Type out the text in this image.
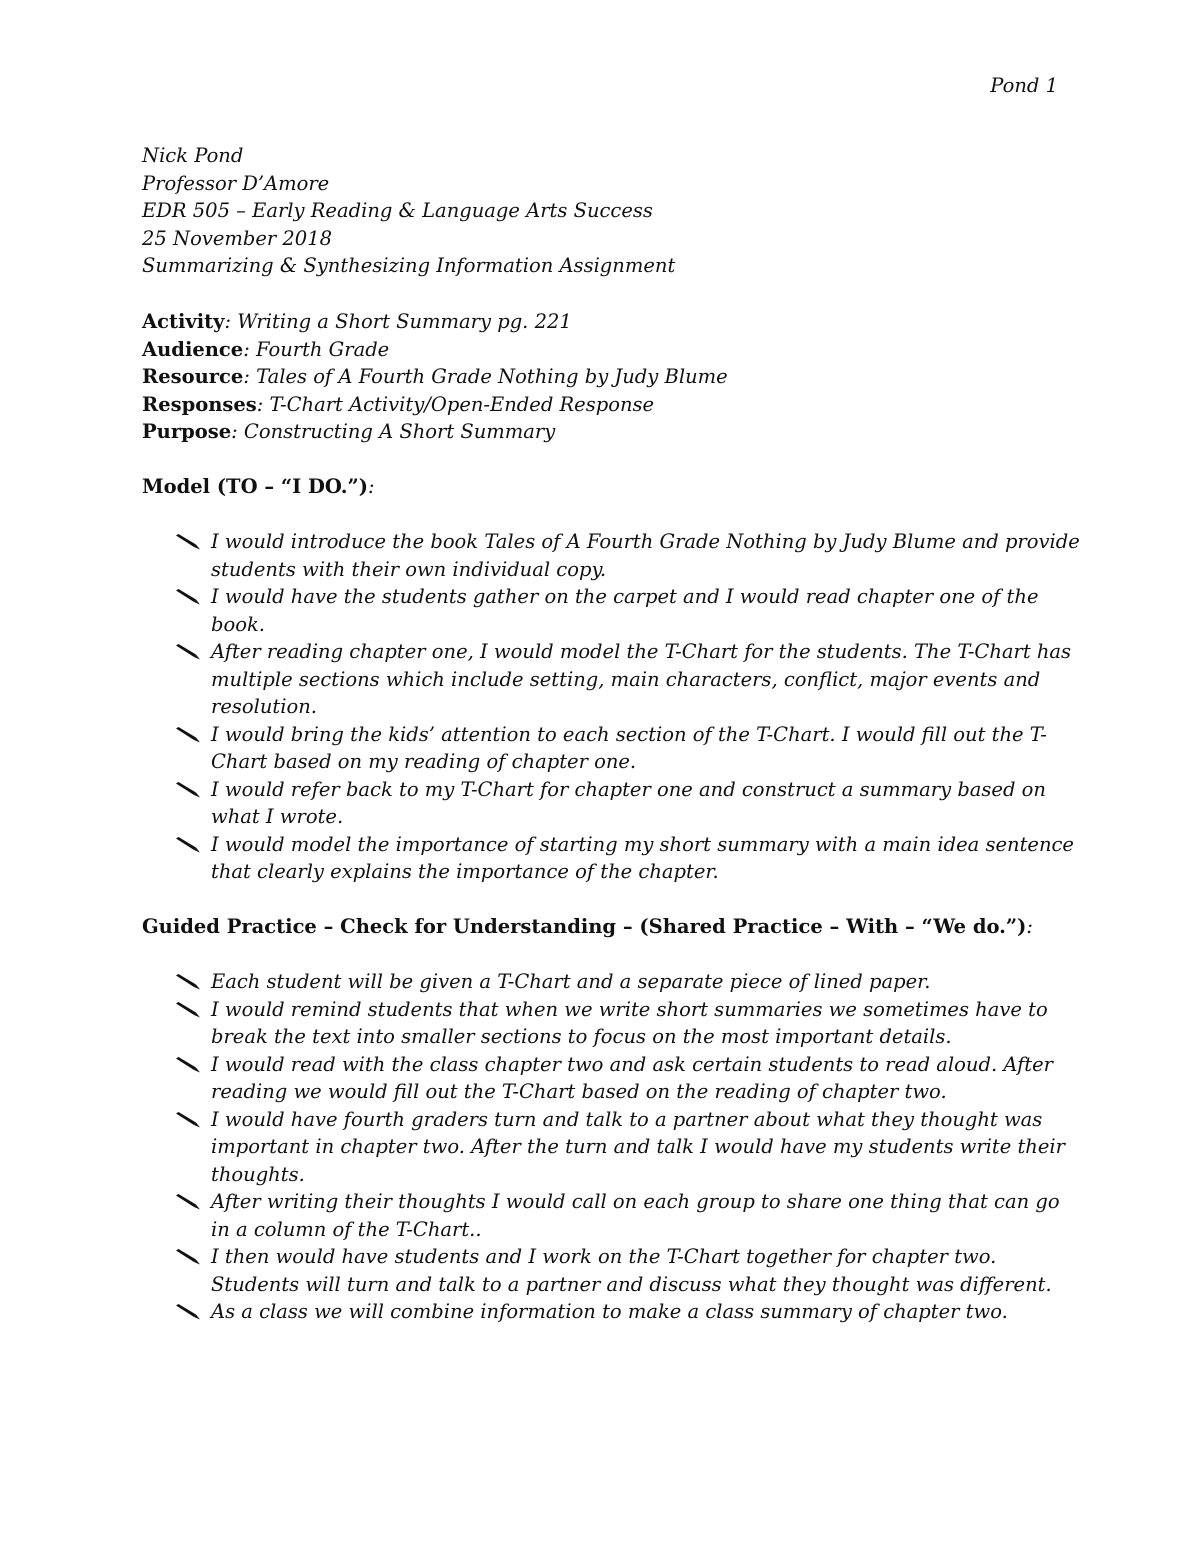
Pond 1
Nick Pond
Professor D’Amore
EDR 505 – Early Reading & Language Arts Success
25 November 2018
Summarizing & Synthesizing Information Assignment
Activity: Writing a Short Summary pg. 221
Audience: Fourth Grade
Resource: Tales of A Fourth Grade Nothing by Judy Blume
Responses: T-Chart Activity/Open-Ended Response
Purpose: Constructing A Short Summary
Model (TO – “I DO.”):
I would introduce the book Tales of A Fourth Grade Nothing by Judy Blume and provide
students with their own individual copy.
I would have the students gather on the carpet and I would read chapter one of the
book.
After reading chapter one, I would model the T-Chart for the students. The T-Chart has
multiple sections which include setting, main characters, conflict, major events and
resolution.
I would bring the kids’ attention to each section of the T-Chart. I would fill out the T-
Chart based on my reading of chapter one.
I would refer back to my T-Chart for chapter one and construct a summary based on
what I wrote.
I would model the importance of starting my short summary with a main idea sentence
that clearly explains the importance of the chapter.
Guided Practice – Check for Understanding – (Shared Practice – With – “We do.”):
Each student will be given a T-Chart and a separate piece of lined paper.
I would remind students that when we write short summaries we sometimes have to
break the text into smaller sections to focus on the most important details.
I would read with the class chapter two and ask certain students to read aloud. After
reading we would fill out the T-Chart based on the reading of chapter two.
I would have fourth graders turn and talk to a partner about what they thought was
important in chapter two. After the turn and talk I would have my students write their
thoughts.
After writing their thoughts I would call on each group to share one thing that can go
in a column of the T-Chart..
I then would have students and I work on the T-Chart together for chapter two.
Students will turn and talk to a partner and discuss what they thought was different.
As a class we will combine information to make a class summary of chapter two.
